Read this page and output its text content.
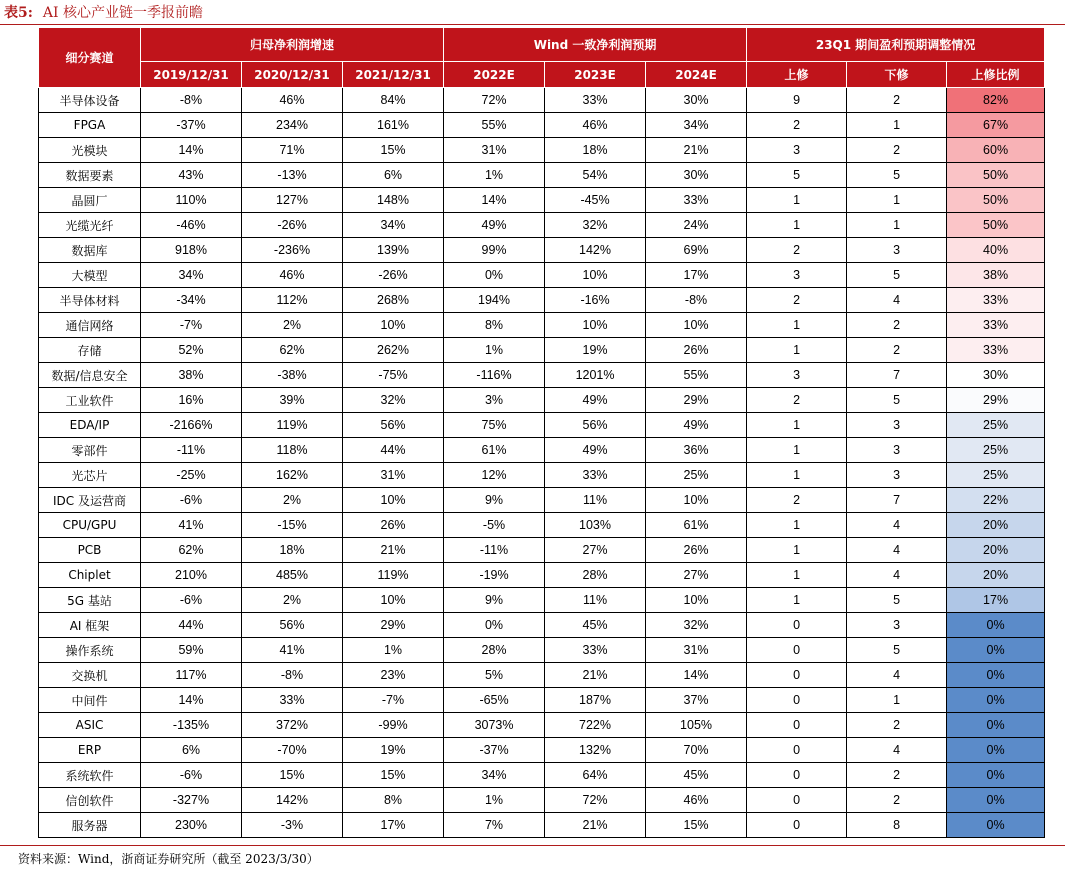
表5: AI 核心产业链一季报前瞻
细分赛道	归母净利润增速			Wind 一致净利润预期			23Q1 期间盈利预期调整情况		
	2019/12/31	2020/12/31	2021/12/31	2022E	2023E	2024E	上修	下修	上修比例
半导体设备	-8%	46%	84%	72%	33%	30%	9	2	82%
FPGA	-37%	234%	161%	55%	46%	34%	2	1	67%
光模块	14%	71%	15%	31%	18%	21%	3	2	60%
数据要素	43%	-13%	6%	1%	54%	30%	5	5	50%
晶圆厂	110%	127%	148%	14%	-45%	33%	1	1	50%
光缆光纤	-46%	-26%	34%	49%	32%	24%	1	1	50%
数据库	918%	-236%	139%	99%	142%	69%	2	3	40%
大模型	34%	46%	-26%	0%	10%	17%	3	5	38%
半导体材料	-34%	112%	268%	194%	-16%	-8%	2	4	33%
通信网络	-7%	2%	10%	8%	10%	10%	1	2	33%
存储	52%	62%	262%	1%	19%	26%	1	2	33%
数据/信息安全	38%	-38%	-75%	-116%	1201%	55%	3	7	30%
工业软件	16%	39%	32%	3%	49%	29%	2	5	29%
EDA/IP	-2166%	119%	56%	75%	56%	49%	1	3	25%
零部件	-11%	118%	44%	61%	49%	36%	1	3	25%
光芯片	-25%	162%	31%	12%	33%	25%	1	3	25%
IDC 及运营商	-6%	2%	10%	9%	11%	10%	2	7	22%
CPU/GPU	41%	-15%	26%	-5%	103%	61%	1	4	20%
PCB	62%	18%	21%	-11%	27%	26%	1	4	20%
Chiplet	210%	485%	119%	-19%	28%	27%	1	4	20%
5G 基站	-6%	2%	10%	9%	11%	10%	1	5	17%
AI 框架	44%	56%	29%	0%	45%	32%	0	3	0%
操作系统	59%	41%	1%	28%	33%	31%	0	5	0%
交换机	117%	-8%	23%	5%	21%	14%	0	4	0%
中间件	14%	33%	-7%	-65%	187%	37%	0	1	0%
ASIC	-135%	372%	-99%	3073%	722%	105%	0	2	0%
ERP	6%	-70%	19%	-37%	132%	70%	0	4	0%
系统软件	-6%	15%	15%	34%	64%	45%	0	2	0%
信创软件	-327%	142%	8%	1%	72%	46%	0	2	0%
服务器	230%	-3%	17%	7%	21%	15%	0	8	0%
资料来源：Wind，浙商证券研究所（截至 2023/3/30）
